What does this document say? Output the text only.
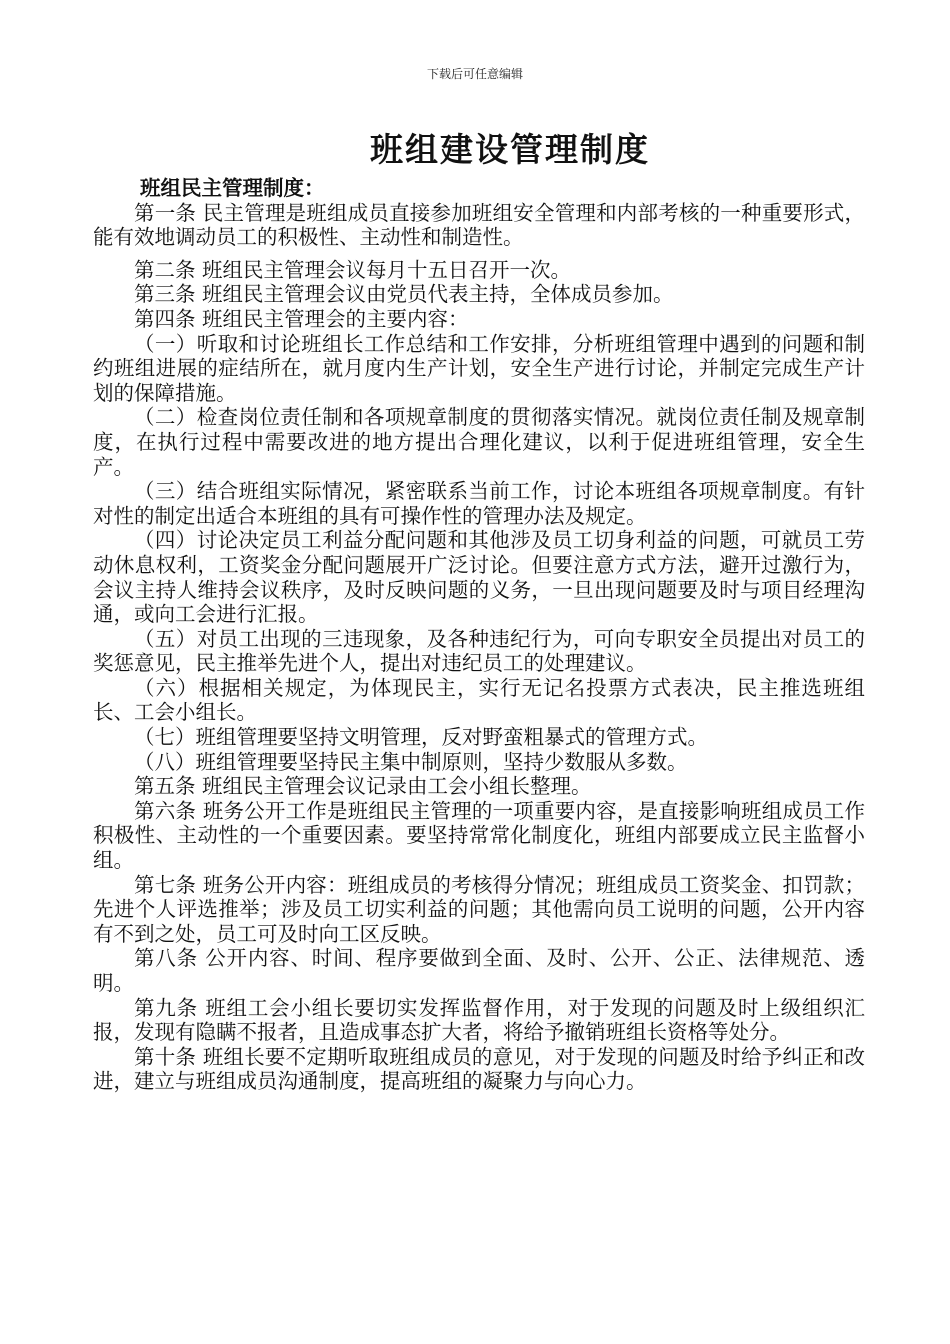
下载后可任意编辑
班组建设管理制度
班组民主管理制度：

第一条 民主管理是班组成员直接参加班组安全管理和内部考核的一种重要形式，能有效地调动员工的积极性、主动性和制造性。

第二条 班组民主管理会议每月十五日召开一次。

第三条 班组民主管理会议由党员代表主持，全体成员参加。

第四条 班组民主管理会的主要内容：

（一）听取和讨论班组长工作总结和工作安排，分析班组管理中遇到的问题和制约班组进展的症结所在，就月度内生产计划，安全生产进行讨论，并制定完成生产计划的保障措施。

（二）检查岗位责任制和各项规章制度的贯彻落实情况。就岗位责任制及规章制度，在执行过程中需要改进的地方提出合理化建议，以利于促进班组管理，安全生产。

（三）结合班组实际情况，紧密联系当前工作，讨论本班组各项规章制度。有针对性的制定出适合本班组的具有可操作性的管理办法及规定。

（四）讨论决定员工利益分配问题和其他涉及员工切身利益的问题，可就员工劳动休息权利，工资奖金分配问题展开广泛讨论。但要注意方式方法，避开过激行为，会议主持人维持会议秩序，及时反映问题的义务，一旦出现问题要及时与项目经理沟通，或向工会进行汇报。

（五）对员工出现的三违现象，及各种违纪行为，可向专职安全员提出对员工的奖惩意见，民主推举先进个人，提出对违纪员工的处理建议。

（六）根据相关规定，为体现民主，实行无记名投票方式表决，民主推选班组长、工会小组长。

（七）班组管理要坚持文明管理，反对野蛮粗暴式的管理方式。

（八）班组管理要坚持民主集中制原则，坚持少数服从多数。

第五条 班组民主管理会议记录由工会小组长整理。

第六条 班务公开工作是班组民主管理的一项重要内容，是直接影响班组成员工作积极性、主动性的一个重要因素。要坚持常常化制度化，班组内部要成立民主监督小组。

第七条 班务公开内容：班组成员的考核得分情况；班组成员工资奖金、扣罚款；先进个人评选推举；涉及员工切实利益的问题；其他需向员工说明的问题，公开内容有不到之处，员工可及时向工区反映。

第八条 公开内容、时间、程序要做到全面、及时、公开、公正、法律规范、透明。

第九条 班组工会小组长要切实发挥监督作用，对于发现的问题及时上级组织汇报，发现有隐瞒不报者，且造成事态扩大者，将给予撤销班组长资格等处分。

第十条 班组长要不定期听取班组成员的意见，对于发现的问题及时给予纠正和改进，建立与班组成员沟通制度，提高班组的凝聚力与向心力。
